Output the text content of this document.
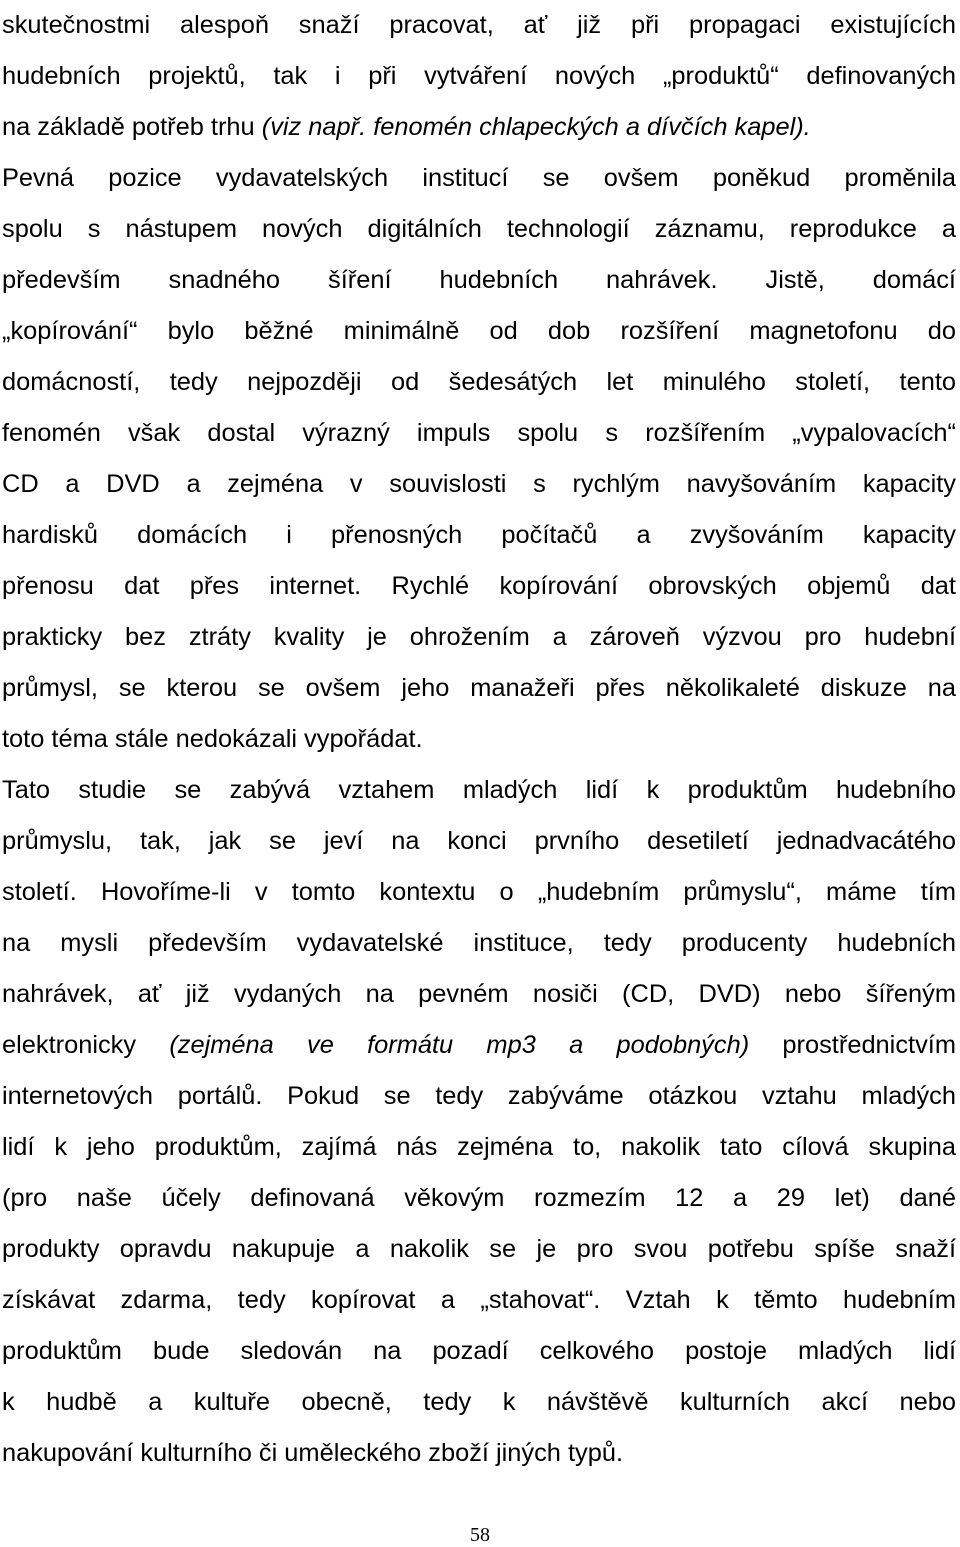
skutečnostmi alespoň snaží pracovat, ať již při propagaci existujících
hudebních projektů, tak i při vytváření nových „produktů“ definovaných
na základě potřeb trhu (viz např. fenomén chlapeckých a dívčích kapel).
Pevná pozice vydavatelských institucí se ovšem poněkud proměnila
spolu s nástupem nových digitálních technologií záznamu, reprodukce a
především snadného šíření hudebních nahrávek. Jistě, domácí
„kopírování“ bylo běžné minimálně od dob rozšíření magnetofonu do
domácností, tedy nejpozději od šedesátých let minulého století, tento
fenomén však dostal výrazný impuls spolu s rozšířením „vypalovacích“
CD a DVD a zejména v souvislosti s rychlým navyšováním kapacity
hardisků domácích i přenosných počítačů a zvyšováním kapacity
přenosu dat přes internet. Rychlé kopírování obrovských objemů dat
prakticky bez ztráty kvality je ohrožením a zároveň výzvou pro hudební
průmysl, se kterou se ovšem jeho manažeři přes několikaleté diskuze na
toto téma stále nedokázali vypořádat.
Tato studie se zabývá vztahem mladých lidí k produktům hudebního
průmyslu, tak, jak se jeví na konci prvního desetiletí jednadvacátého
století. Hovoříme-li v tomto kontextu o „hudebním průmyslu“, máme tím
na mysli především vydavatelské instituce, tedy producenty hudebních
nahrávek, ať již vydaných na pevném nosiči (CD, DVD) nebo šířeným
elektronicky (zejména ve formátu mp3 a podobných) prostřednictvím
internetových portálů. Pokud se tedy zabýváme otázkou vztahu mladých
lidí k jeho produktům, zajímá nás zejména to, nakolik tato cílová skupina
(pro naše účely definovaná věkovým rozmezím 12 a 29 let) dané
produkty opravdu nakupuje a nakolik se je pro svou potřebu spíše snaží
získávat zdarma, tedy kopírovat a „stahovat“. Vztah k těmto hudebním
produktům bude sledován na pozadí celkového postoje mladých lidí
k hudbě a kultuře obecně, tedy k návštěvě kulturních akcí nebo
nakupování kulturního či uměleckého zboží jiných typů.
58
